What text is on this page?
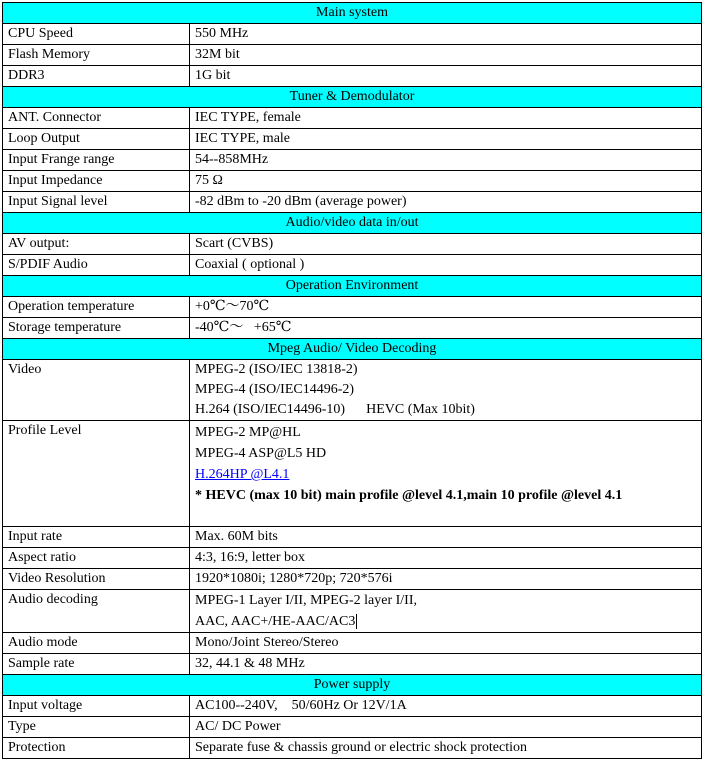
Main system	
CPU Speed	550 MHz
Flash Memory	32M bit
DDR3	1G bit
Tuner & Demodulator	
ANT. Connector	IEC TYPE, female
Loop Output	IEC TYPE, male
Input Frange range	54--858MHz
Input Impedance	75 Ω
Input Signal level	-82 dBm to -20 dBm (average power)
Audio/video data in/out	
AV output:	Scart (CVBS)
S/PDIF Audio	Coaxial ( optional )
Operation Environment	
Operation temperature	+0℃～70℃
Storage temperature	-40℃～   +65℃
Mpeg Audio/ Video Decoding	
Video	MPEG-2 (ISO/IEC 13818-2)
MPEG-4 (ISO/IEC14496-2)
H.264 (ISO/IEC14496-10)      HEVC (Max 10bit)

Profile Level	MPEG-2 MP@HL
MPEG-4 ASP@L5 HD
H.264HP @L4.1
* HEVC (max 10 bit) main profile @level 4.1,main 10 profile @level 4.1

Input rate	Max. 60M bits
Aspect ratio	4:3, 16:9, letter box
Video Resolution	1920*1080i; 1280*720p; 720*576i
Audio decoding	MPEG-1 Layer I/II, MPEG-2 layer I/II,
AAC, AAC+/HE-AAC/AC3

Audio mode	Mono/Joint Stereo/Stereo
Sample rate	32, 44.1 & 48 MHz
Power supply	
Input voltage	AC100--240V,    50/60Hz Or 12V/1A
Type	AC/ DC Power
Protection	Separate fuse & chassis ground or electric shock protection
